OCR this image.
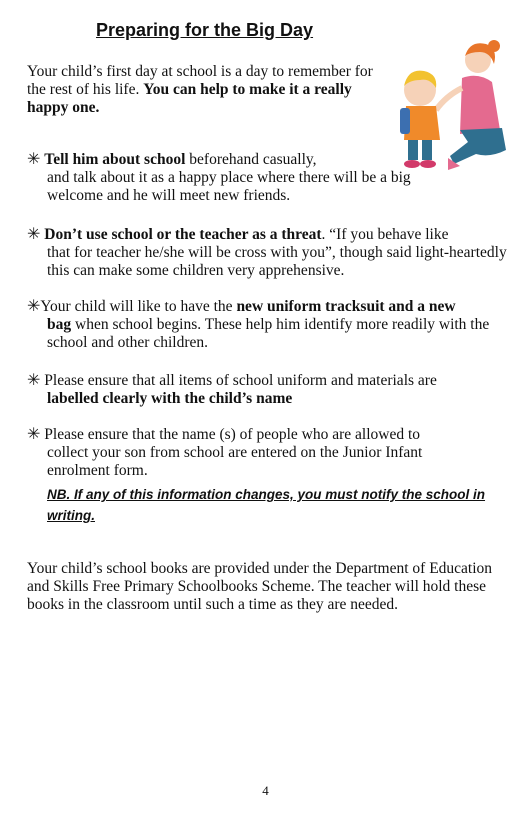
Preparing for the Big Day
Your child’s first day at school is a day to remember for the rest of his life. You can help to make it a really happy one.
✳ Tell him about school beforehand casually,
and talk about it as a happy place where there will be a big welcome and he will meet new friends.
✳ Don’t use school or the teacher as a threat. “If you behave like
that for teacher he/she will be cross with you”, though said light-heartedly this can make some children very apprehensive.
✳Your child will like to have the new uniform tracksuit and a new
bag when school begins. These help him identify more readily with the school and other children.
✳ Please ensure that all items of school uniform and materials are
labelled clearly with the child’s name
✳ Please ensure that the name (s) of people who are allowed to
collect your son from school are entered on the Junior Infant enrolment form.
NB. If any of this information changes, you must notify the school in writing.
Your child’s school books are provided under the Department of Education and Skills Free Primary Schoolbooks Scheme. The teacher will hold these books in the classroom until such a time as they are needed.
4
